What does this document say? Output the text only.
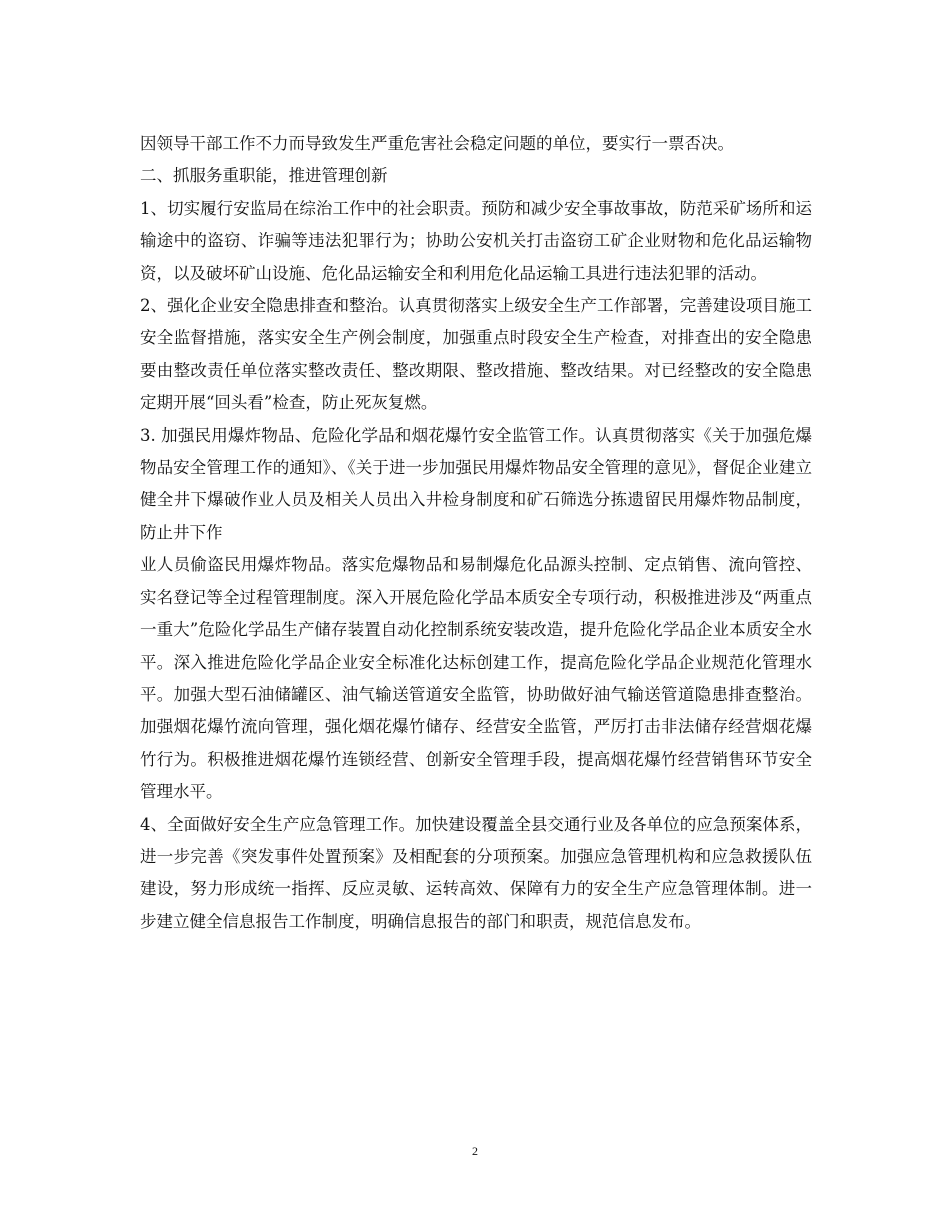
因领导干部工作不力而导致发生严重危害社会稳定问题的单位，要实行一票否决。

二、抓服务重职能，推进管理创新

1、切实履行安监局在综治工作中的社会职责。预防和减少安全事故事故，防范采矿场所和运输途中的盗窃、诈骗等违法犯罪行为；协助公安机关打击盗窃工矿企业财物和危化品运输物资，以及破坏矿山设施、危化品运输安全和利用危化品运输工具进行违法犯罪的活动。

2、强化企业安全隐患排查和整治。认真贯彻落实上级安全生产工作部署，完善建设项目施工安全监督措施，落实安全生产例会制度，加强重点时段安全生产检查，对排查出的安全隐患要由整改责任单位落实整改责任、整改期限、整改措施、整改结果。对已经整改的安全隐患定期开展“回头看”检查，防止死灰复燃。

3. 加强民用爆炸物品、危险化学品和烟花爆竹安全监管工作。认真贯彻落实《关于加强危爆物品安全管理工作的通知》、《关于进一步加强民用爆炸物品安全管理的意见》，督促企业建立健全井下爆破作业人员及相关人员出入井检身制度和矿石筛选分拣遗留民用爆炸物品制度，防止井下作

业人员偷盗民用爆炸物品。落实危爆物品和易制爆危化品源头控制、定点销售、流向管控、实名登记等全过程管理制度。深入开展危险化学品本质安全专项行动，积极推进涉及“两重点一重大”危险化学品生产储存装置自动化控制系统安装改造，提升危险化学品企业本质安全水平。深入推进危险化学品企业安全标准化达标创建工作，提高危险化学品企业规范化管理水平。加强大型石油储罐区、油气输送管道安全监管，协助做好油气输送管道隐患排查整治。加强烟花爆竹流向管理，强化烟花爆竹储存、经营安全监管，严厉打击非法储存经营烟花爆竹行为。积极推进烟花爆竹连锁经营、创新安全管理手段，提高烟花爆竹经营销售环节安全管理水平。

4、全面做好安全生产应急管理工作。加快建设覆盖全县交通行业及各单位的应急预案体系，进一步完善《突发事件处置预案》及相配套的分项预案。加强应急管理机构和应急救援队伍建设，努力形成统一指挥、反应灵敏、运转高效、保障有力的安全生产应急管理体制。进一步建立健全信息报告工作制度，明确信息报告的部门和职责，规范信息发布。

2
